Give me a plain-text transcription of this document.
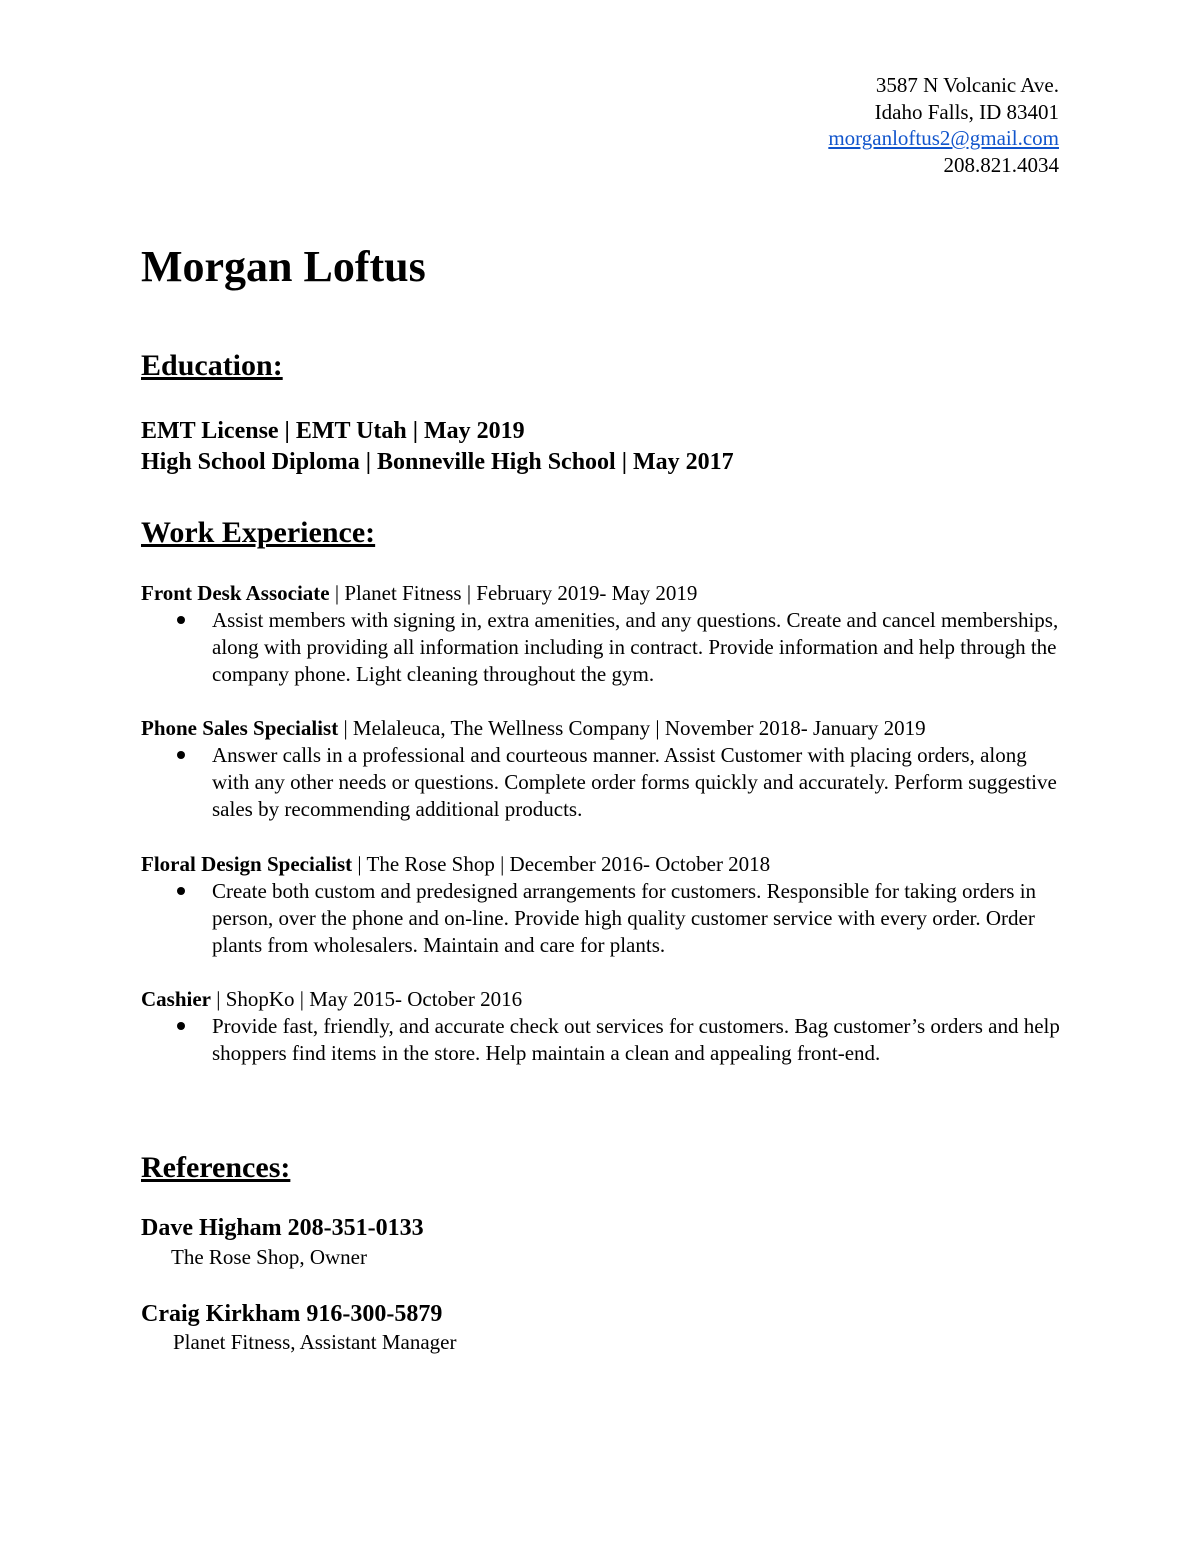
3587 N Volcanic Ave.
Idaho Falls, ID 83401
morganloftus2@gmail.com
208.821.4034
Morgan Loftus
Education:
EMT License | EMT Utah | May 2019
High School Diploma | Bonneville High School | May 2017
Work Experience:
Front Desk Associate | Planet Fitness | February 2019- May 2019
Assist members with signing in, extra amenities, and any questions. Create and cancel memberships, along with providing all information including in contract. Provide information and help through the company phone. Light cleaning throughout the gym.
Phone Sales Specialist | Melaleuca, The Wellness Company | November 2018- January 2019
Answer calls in a professional and courteous manner. Assist Customer with placing orders, along with any other needs or questions. Complete order forms quickly and accurately. Perform suggestive sales by recommending additional products.
Floral Design Specialist | The Rose Shop | December 2016- October 2018
Create both custom and predesigned arrangements for customers. Responsible for taking orders in person, over the phone and on-line. Provide high quality customer service with every order. Order plants from wholesalers. Maintain and care for plants.
Cashier | ShopKo | May 2015- October 2016
Provide fast, friendly, and accurate check out services for customers. Bag customer’s orders and help shoppers find items in the store. Help maintain a clean and appealing front-end.
References:
Dave Higham 208-351-0133
The Rose Shop, Owner
Craig Kirkham 916-300-5879
Planet Fitness, Assistant Manager
